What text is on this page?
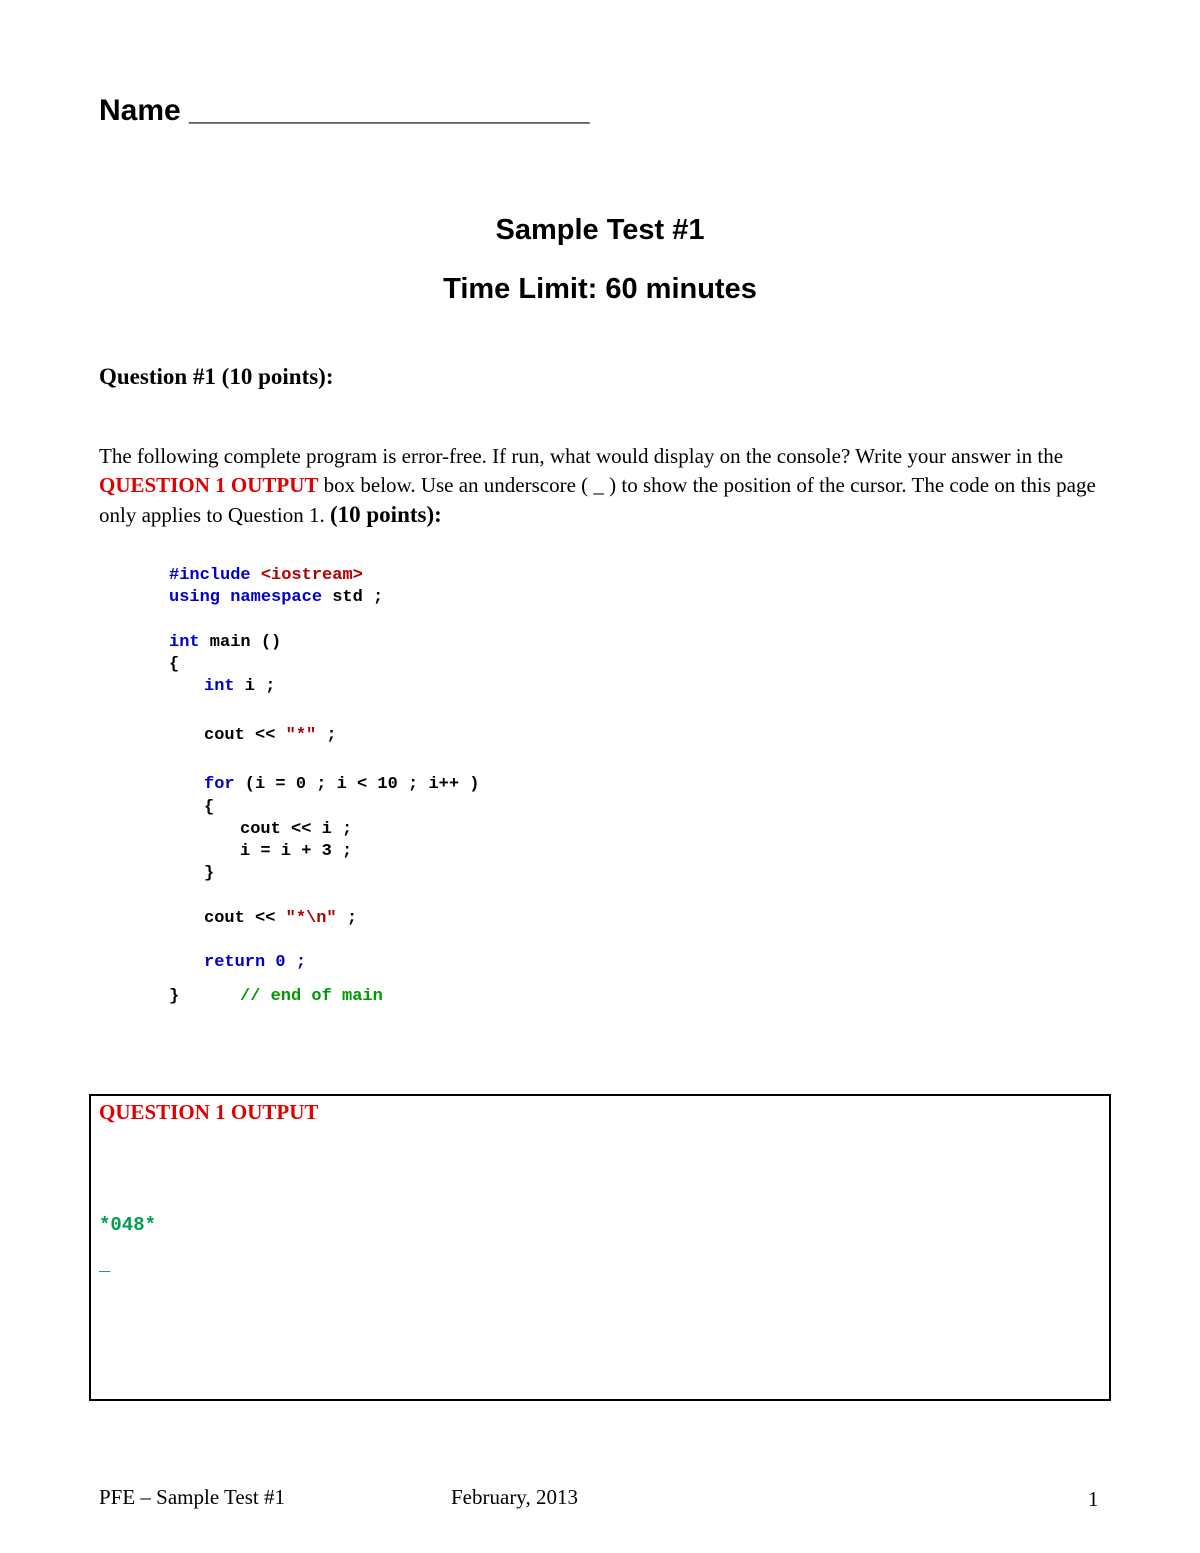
Name ________________________
Sample Test #1
Time Limit: 60 minutes
Question #1 (10 points):
The following complete program is error-free. If run, what would display on the console? Write your answer in the QUESTION 1 OUTPUT box below. Use an underscore ( _ ) to show the position of the cursor. The code on this page only applies to Question 1. (10 points):
#include <iostream>
using namespace std ;
int main ()
{
int i ;
cout << "*" ;
for (i = 0 ; i < 10 ; i++ )
{
cout << i ;
i = i + 3 ;
}
cout << "*\n" ;
return 0 ;
}	// end of main
QUESTION 1 OUTPUT
*048*
_
PFE – Sample Test #1	February, 2013	1
